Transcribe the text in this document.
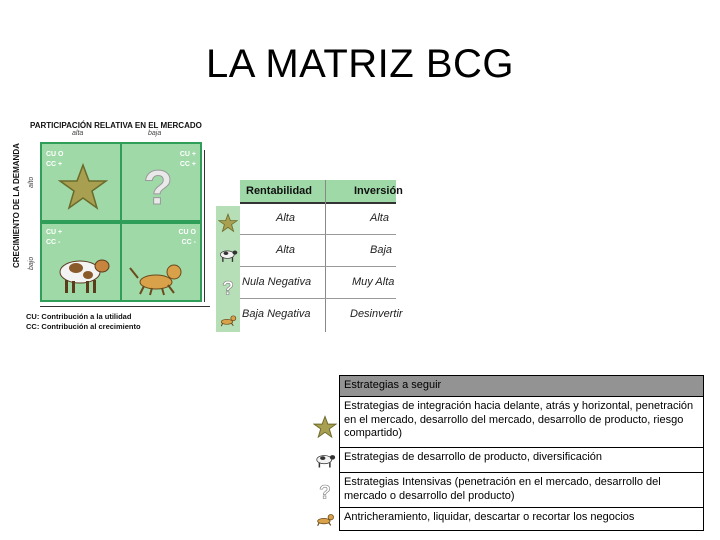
LA MATRIZ BCG
PARTICIPACIÓN RELATIVA EN EL MERCADO
alta	baja
CRECIMIENTO DE LA DEMANDA alto
bajo
CU O
CC +
CU +
CC +
?
CU +
CC -
CU O
CC -
CU: Contribución a la utilidad
CC: Contribución al crecimiento
?
Rentabilidad	Inversión
Alta	Alta
Alta	Baja
Nula Negativa	Muy Alta
Baja Negativa	Desinvertir
Estrategias a seguir
Estrategias de integración hacia delante, atrás y horizontal, penetración en el mercado, desarrollo del mercado, desarrollo de producto, riesgo compartido)
Estrategias de desarrollo de producto, diversificación
?
Estrategias Intensivas (penetración en el mercado, desarrollo del mercado o desarrollo del producto)
Antricheramiento, liquidar, descartar o recortar los negocios
